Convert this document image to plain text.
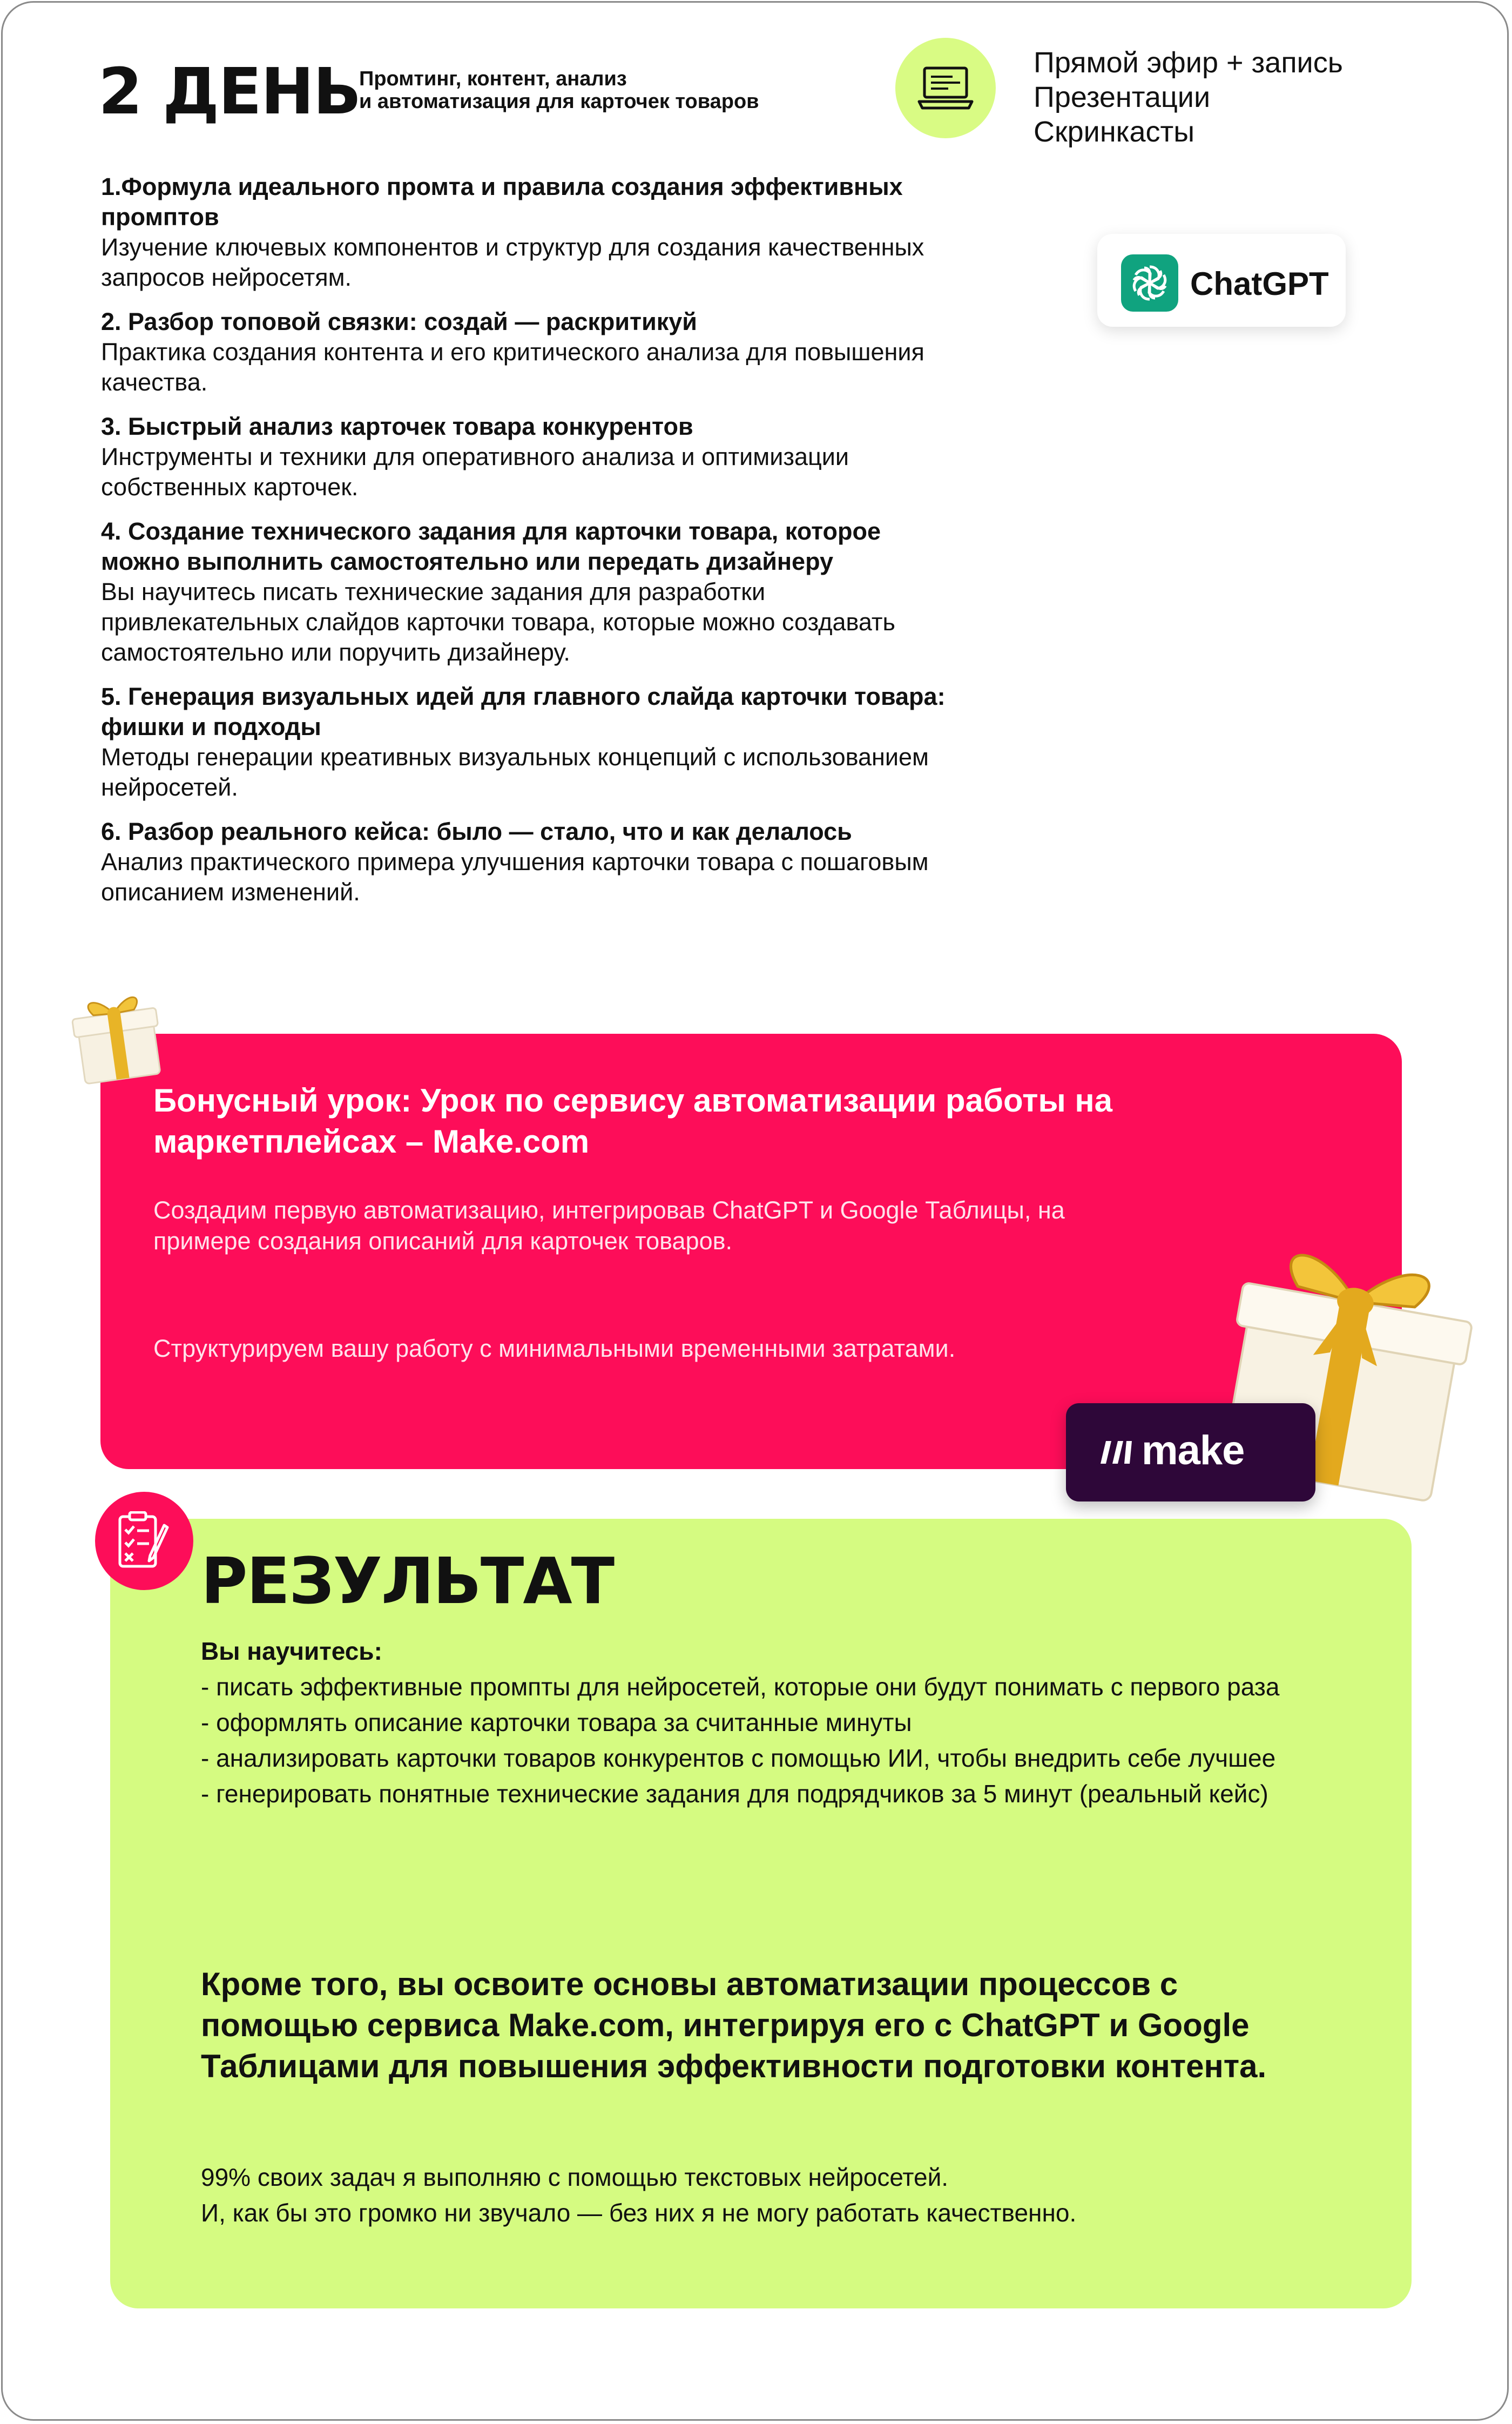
2 ДЕНЬ
Промтинг, контент, анализ
и автоматизация для карточек товаров
Прямой эфир + запись
Презентации
Скринкасты
ChatGPT
1.Формула идеального промта и правила создания эффективных промптов
Изучение ключевых компонентов и структур для создания качественных запросов нейросетям.
2. Разбор топовой связки: создай — раскритикуй
Практика создания контента и его критического анализа для повышения качества.
3. Быстрый анализ карточек товара конкурентов
Инструменты и техники для оперативного анализа и оптимизации собственных карточек.
4. Создание технического задания для карточки товара, которое можно выполнить самостоятельно или передать дизайнеру
Вы научитесь писать технические задания для разработки привлекательных слайдов карточки товара, которые можно создавать самостоятельно или поручить дизайнеру.
5. Генерация визуальных идей для главного слайда карточки товара: фишки и подходы
Методы генерации креативных визуальных концепций с использованием нейросетей.
6. Разбор реального кейса: было — стало, что и как делалось
Анализ практического примера улучшения карточки товара с пошаговым описанием изменений.
Бонусный урок: Урок по сервису автоматизации работы на маркетплейсах – Make.com
Создадим первую автоматизацию, интегрировав ChatGPT и Google Таблицы, на примере создания описаний для карточек товаров.
Структурируем вашу работу с минимальными временными затратами.
make
РЕЗУЛЬТАТ
Вы научитесь:
- писать эффективные промпты для нейросетей, которые они будут понимать с первого раза
- оформлять описание карточки товара за считанные минуты
- анализировать карточки товаров конкурентов с помощью ИИ, чтобы внедрить себе лучшее
- генерировать понятные технические задания для подрядчиков за 5 минут (реальный кейс)
Кроме того, вы освоите основы автоматизации процессов с помощью сервиса Make.com, интегрируя его с ChatGPT и Google Таблицами для повышения эффективности подготовки контента.
99% своих задач я выполняю с помощью текстовых нейросетей.
И, как бы это громко ни звучало — без них я не могу работать качественно.
